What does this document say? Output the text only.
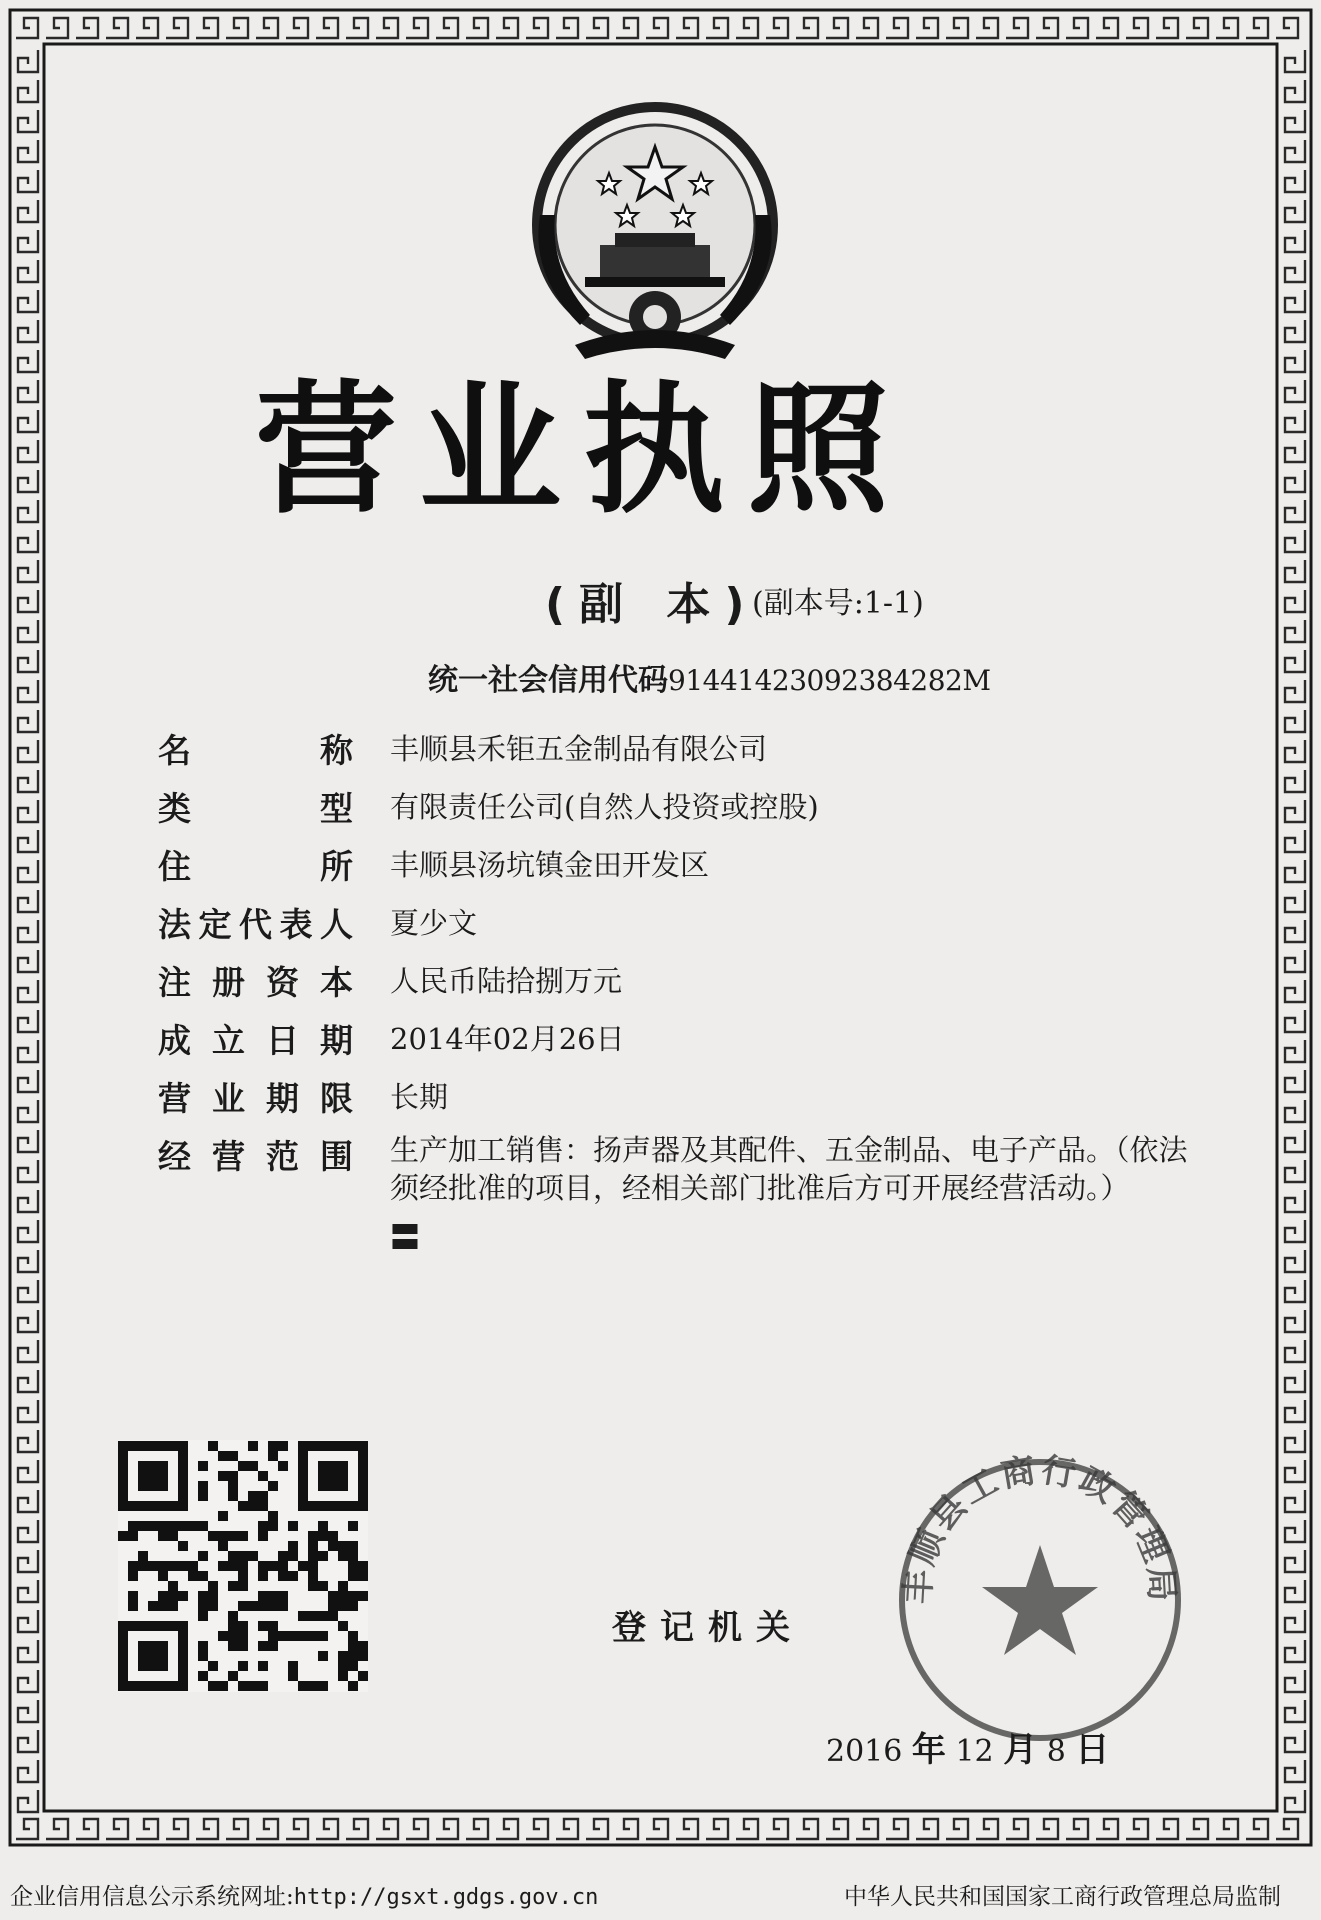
营业执照
(副 本)
(副本号:1-1)
统一社会信用代码91441423092384282M
名	称 丰顺县禾钜五金制品有限公司
类	型 有限责任公司(自然人投资或控股)
住	所 丰顺县汤坑镇金田开发区
法 定 代 表 人 夏少文
注 册 资 本 人民币陆拾捌万元
成 立 日 期 2014年02月26日
营 业 期 限 长期
经 营 范 围 生产加工销售：扬声器及其配件、五金制品、电子产品。（依法须经批准的项目，经相关部门批准后方可开展经营活动。）
〓
登记机关
丰顺县工商行政管理局
2016 年 12 月 8 日
企业信用信息公示系统网址:http://gsxt.gdgs.gov.cn	中华人民共和国国家工商行政管理总局监制
